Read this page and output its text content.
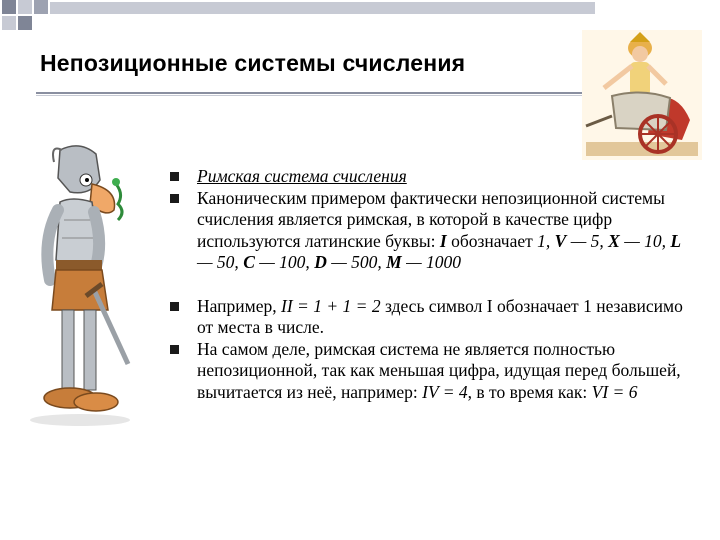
Непозиционные системы счисления
Римская система счисления
Каноническим примером фактически непозиционной системы счисления является римская, в которой в качестве цифр используются латинские буквы: I обозначает 1, V — 5, X — 10, L — 50, C — 100, D — 500, M — 1000
Например, II = 1 + 1 = 2 здесь символ I обозначает 1 независимо от места в числе.
На самом деле, римская система не является полностью непозиционной, так как меньшая цифра, идущая перед большей, вычитается из неё, например: IV = 4, в то время как: VI = 6
